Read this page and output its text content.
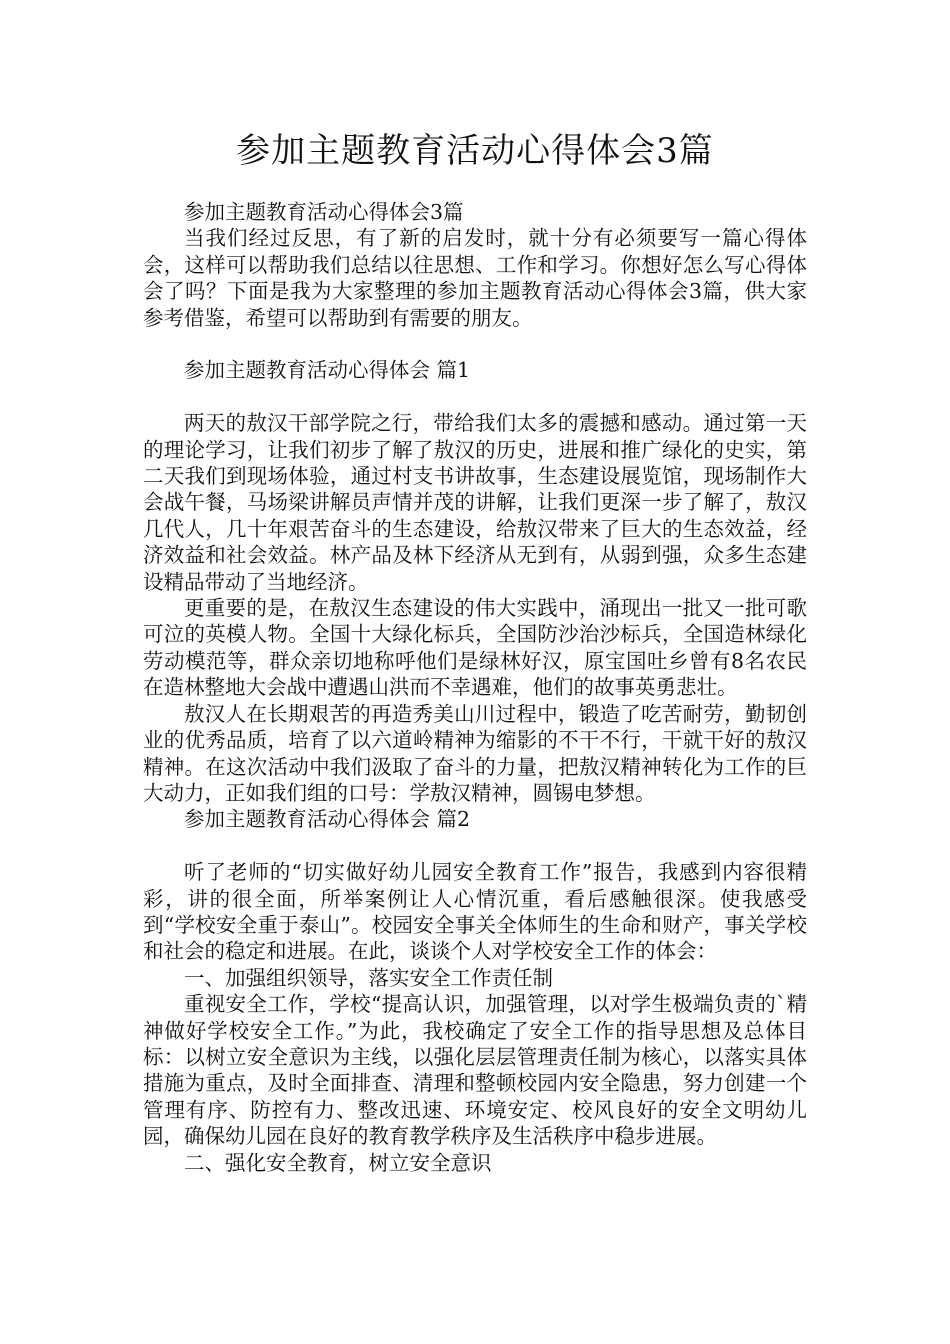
参加主题教育活动心得体会3篇

参加主题教育活动心得体会3篇

当我们经过反思，有了新的启发时，就十分有必须要写一篇心得体会，这样可以帮助我们总结以往思想、工作和学习。你想好怎么写心得体会了吗？下面是我为大家整理的参加主题教育活动心得体会3篇，供大家参考借鉴，希望可以帮助到有需要的朋友。

参加主题教育活动心得体会 篇1

两天的敖汉干部学院之行，带给我们太多的震撼和感动。通过第一天的理论学习，让我们初步了解了敖汉的历史，进展和推广绿化的史实，第二天我们到现场体验，通过村支书讲故事，生态建设展览馆，现场制作大会战午餐，马场梁讲解员声情并茂的讲解，让我们更深一步了解了，敖汉几代人，几十年艰苦奋斗的生态建设，给敖汉带来了巨大的生态效益，经济效益和社会效益。林产品及林下经济从无到有，从弱到强，众多生态建设精品带动了当地经济。

更重要的是，在敖汉生态建设的伟大实践中，涌现出一批又一批可歌可泣的英模人物。全国十大绿化标兵，全国防沙治沙标兵，全国造林绿化劳动模范等，群众亲切地称呼他们是绿林好汉，原宝国吐乡曾有8名农民在造林整地大会战中遭遇山洪而不幸遇难，他们的故事英勇悲壮。

敖汉人在长期艰苦的再造秀美山川过程中，锻造了吃苦耐劳，勤韧创业的优秀品质，培育了以六道岭精神为缩影的不干不行，干就干好的敖汉精神。在这次活动中我们汲取了奋斗的力量，把敖汉精神转化为工作的巨大动力，正如我们组的口号：学敖汉精神，圆锡电梦想。

参加主题教育活动心得体会 篇2

听了老师的“切实做好幼儿园安全教育工作”报告，我感到内容很精彩，讲的很全面，所举案例让人心情沉重，看后感触很深。使我感受到“学校安全重于泰山”。校园安全事关全体师生的生命和财产，事关学校和社会的稳定和进展。在此，谈谈个人对学校安全工作的体会：

一、加强组织领导，落实安全工作责任制

重视安全工作，学校“提高认识，加强管理，以对学生极端负责的`精神做好学校安全工作。”为此，我校确定了安全工作的指导思想及总体目标：以树立安全意识为主线，以强化层层管理责任制为核心，以落实具体措施为重点，及时全面排查、清理和整顿校园内安全隐患，努力创建一个管理有序、防控有力、整改迅速、环境安定、校风良好的安全文明幼儿园，确保幼儿园在良好的教育教学秩序及生活秩序中稳步进展。

二、强化安全教育，树立安全意识
